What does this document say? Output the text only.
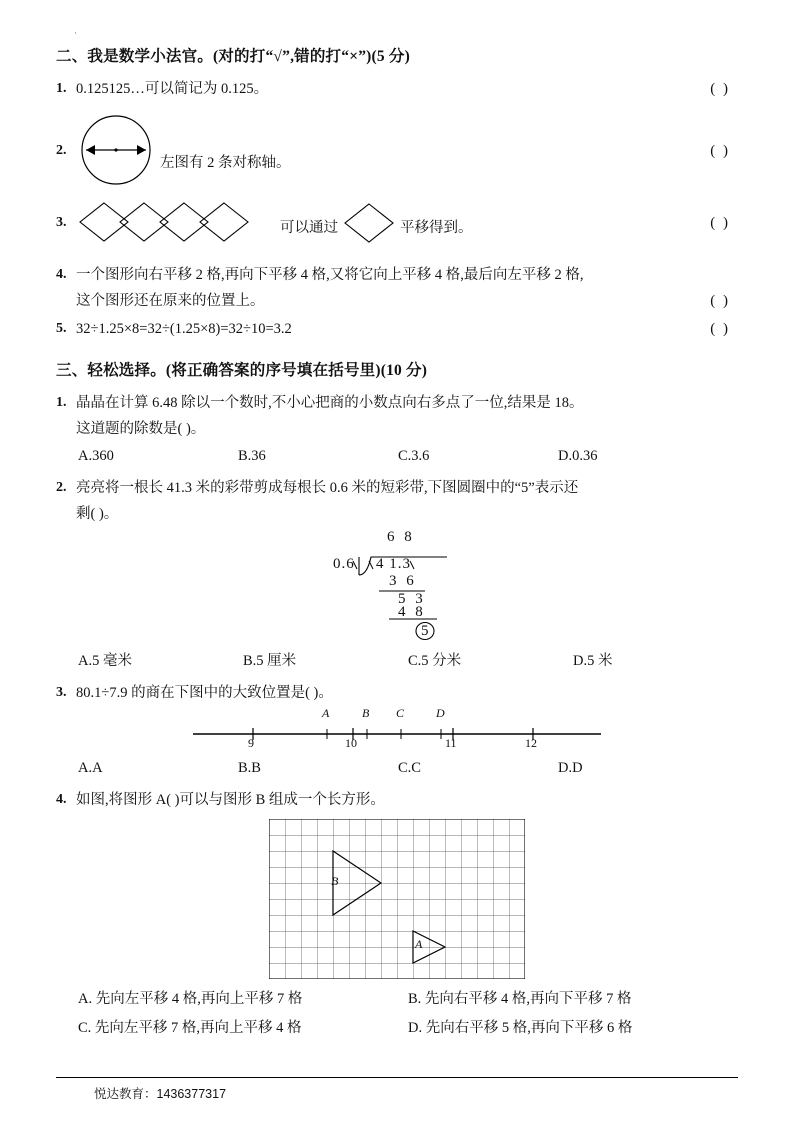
·
二、我是数学小法官。(对的打“√”,错的打“×”)(5 分)
1. 0.125125…可以简记为 0.125。	( )
2.
左图有 2 条对称轴。
( )
3.	可以通过	平移得到。	( )
4. 一个图形向右平移 2 格,再向下平移 4 格,又将它向上平移 4 格,最后向左平移 2 格,
这个图形还在原来的位置上。	( )
5. 32÷1.25×8=32÷(1.25×8)=32÷10=3.2	( )
三、轻松选择。(将正确答案的序号填在括号里)(10 分)
1. 晶晶在计算 6.48 除以一个数时,不小心把商的小数点向右多点了一位,结果是 18。
这道题的除数是( )。
A.360	B.36	C.3.6	D.0.36
2. 亮亮将一根长 41.3 米的彩带剪成每根长 0.6 米的短彩带,下图圆圈中的“5”表示还
剩( )。
6 8
0.6 4 1.3
3 6
5 3
4 8
5
A.5 毫米	B.5 厘米	C.5 分米	D.5 米
3. 80.1÷7.9 的商在下图中的大致位置是( )。
A	B C	D
9	10	11	12
A.A	B.B	C.C	D.D
4. 如图,将图形 A( )可以与图形 B 组成一个长方形。
B
A
A. 先向左平移 4 格,再向上平移 7 格	B. 先向右平移 4 格,再向下平移 7 格
C. 先向左平移 7 格,再向上平移 4 格	D. 先向右平移 5 格,再向下平移 6 格
悦达教育：1436377317
